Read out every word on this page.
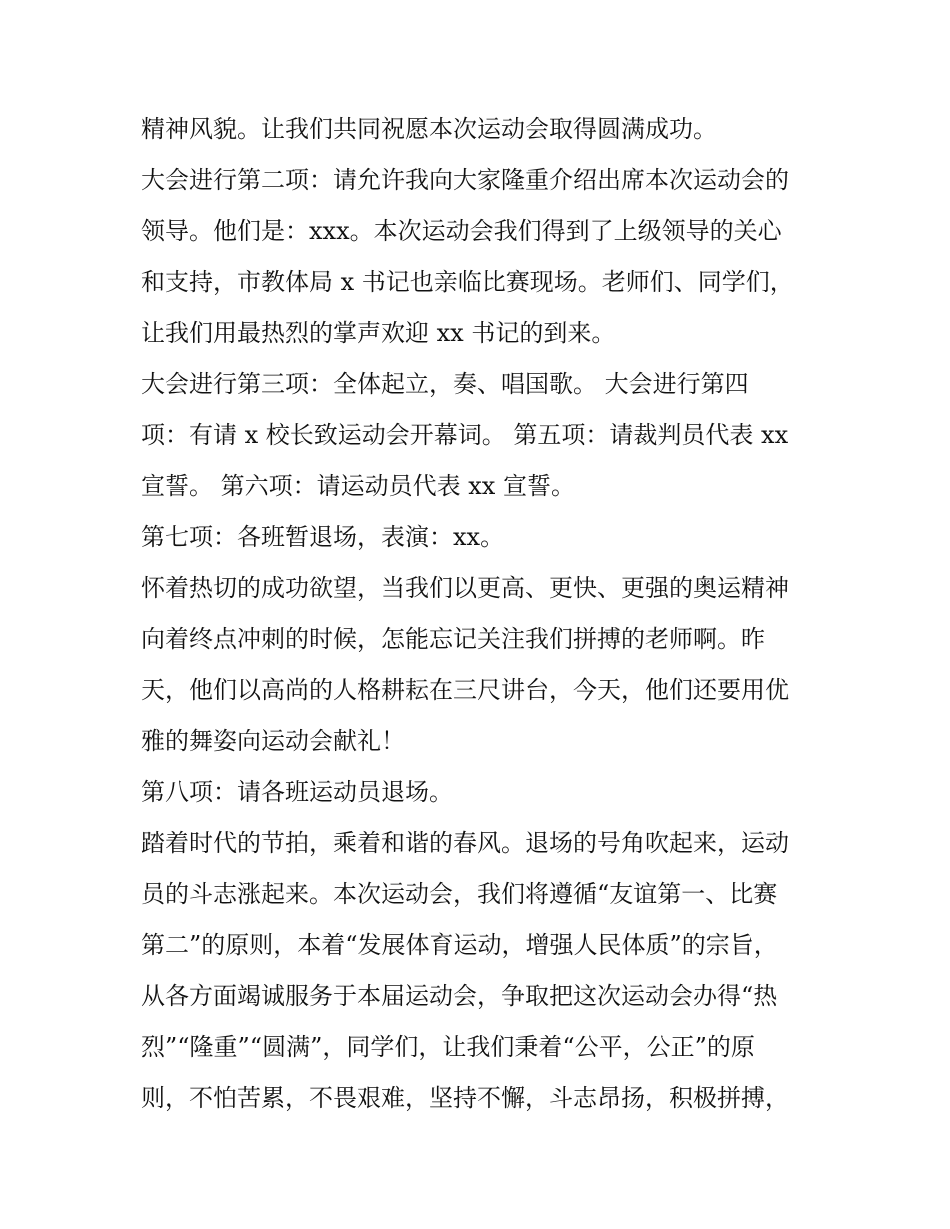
精神风貌。让我们共同祝愿本次运动会取得圆满成功。
大会进行第二项：请允许我向大家隆重介绍出席本次运动会的
领导。他们是：xxx。本次运动会我们得到了上级领导的关心
和支持，市教体局 x 书记也亲临比赛现场。老师们、同学们，
让我们用最热烈的掌声欢迎 xx 书记的到来。
大会进行第三项：全体起立，奏、唱国歌。 大会进行第四
项：有请 x 校长致运动会开幕词。 第五项：请裁判员代表 xx
宣誓。 第六项：请运动员代表 xx 宣誓。
第七项：各班暂退场，表演：xx。
怀着热切的成功欲望，当我们以更高、更快、更强的奥运精神
向着终点冲刺的时候，怎能忘记关注我们拼搏的老师啊。昨
天，他们以高尚的人格耕耘在三尺讲台，今天，他们还要用优
雅的舞姿向运动会献礼！
第八项：请各班运动员退场。
踏着时代的节拍，乘着和谐的春风。退场的号角吹起来，运动
员的斗志涨起来。本次运动会，我们将遵循“友谊第一、比赛
第二”的原则，本着“发展体育运动，增强人民体质”的宗旨，
从各方面竭诚服务于本届运动会，争取把这次运动会办得“热
烈”“隆重”“圆满”，同学们，让我们秉着“公平，公正”的原
则，不怕苦累，不畏艰难，坚持不懈，斗志昂扬，积极拼搏，
